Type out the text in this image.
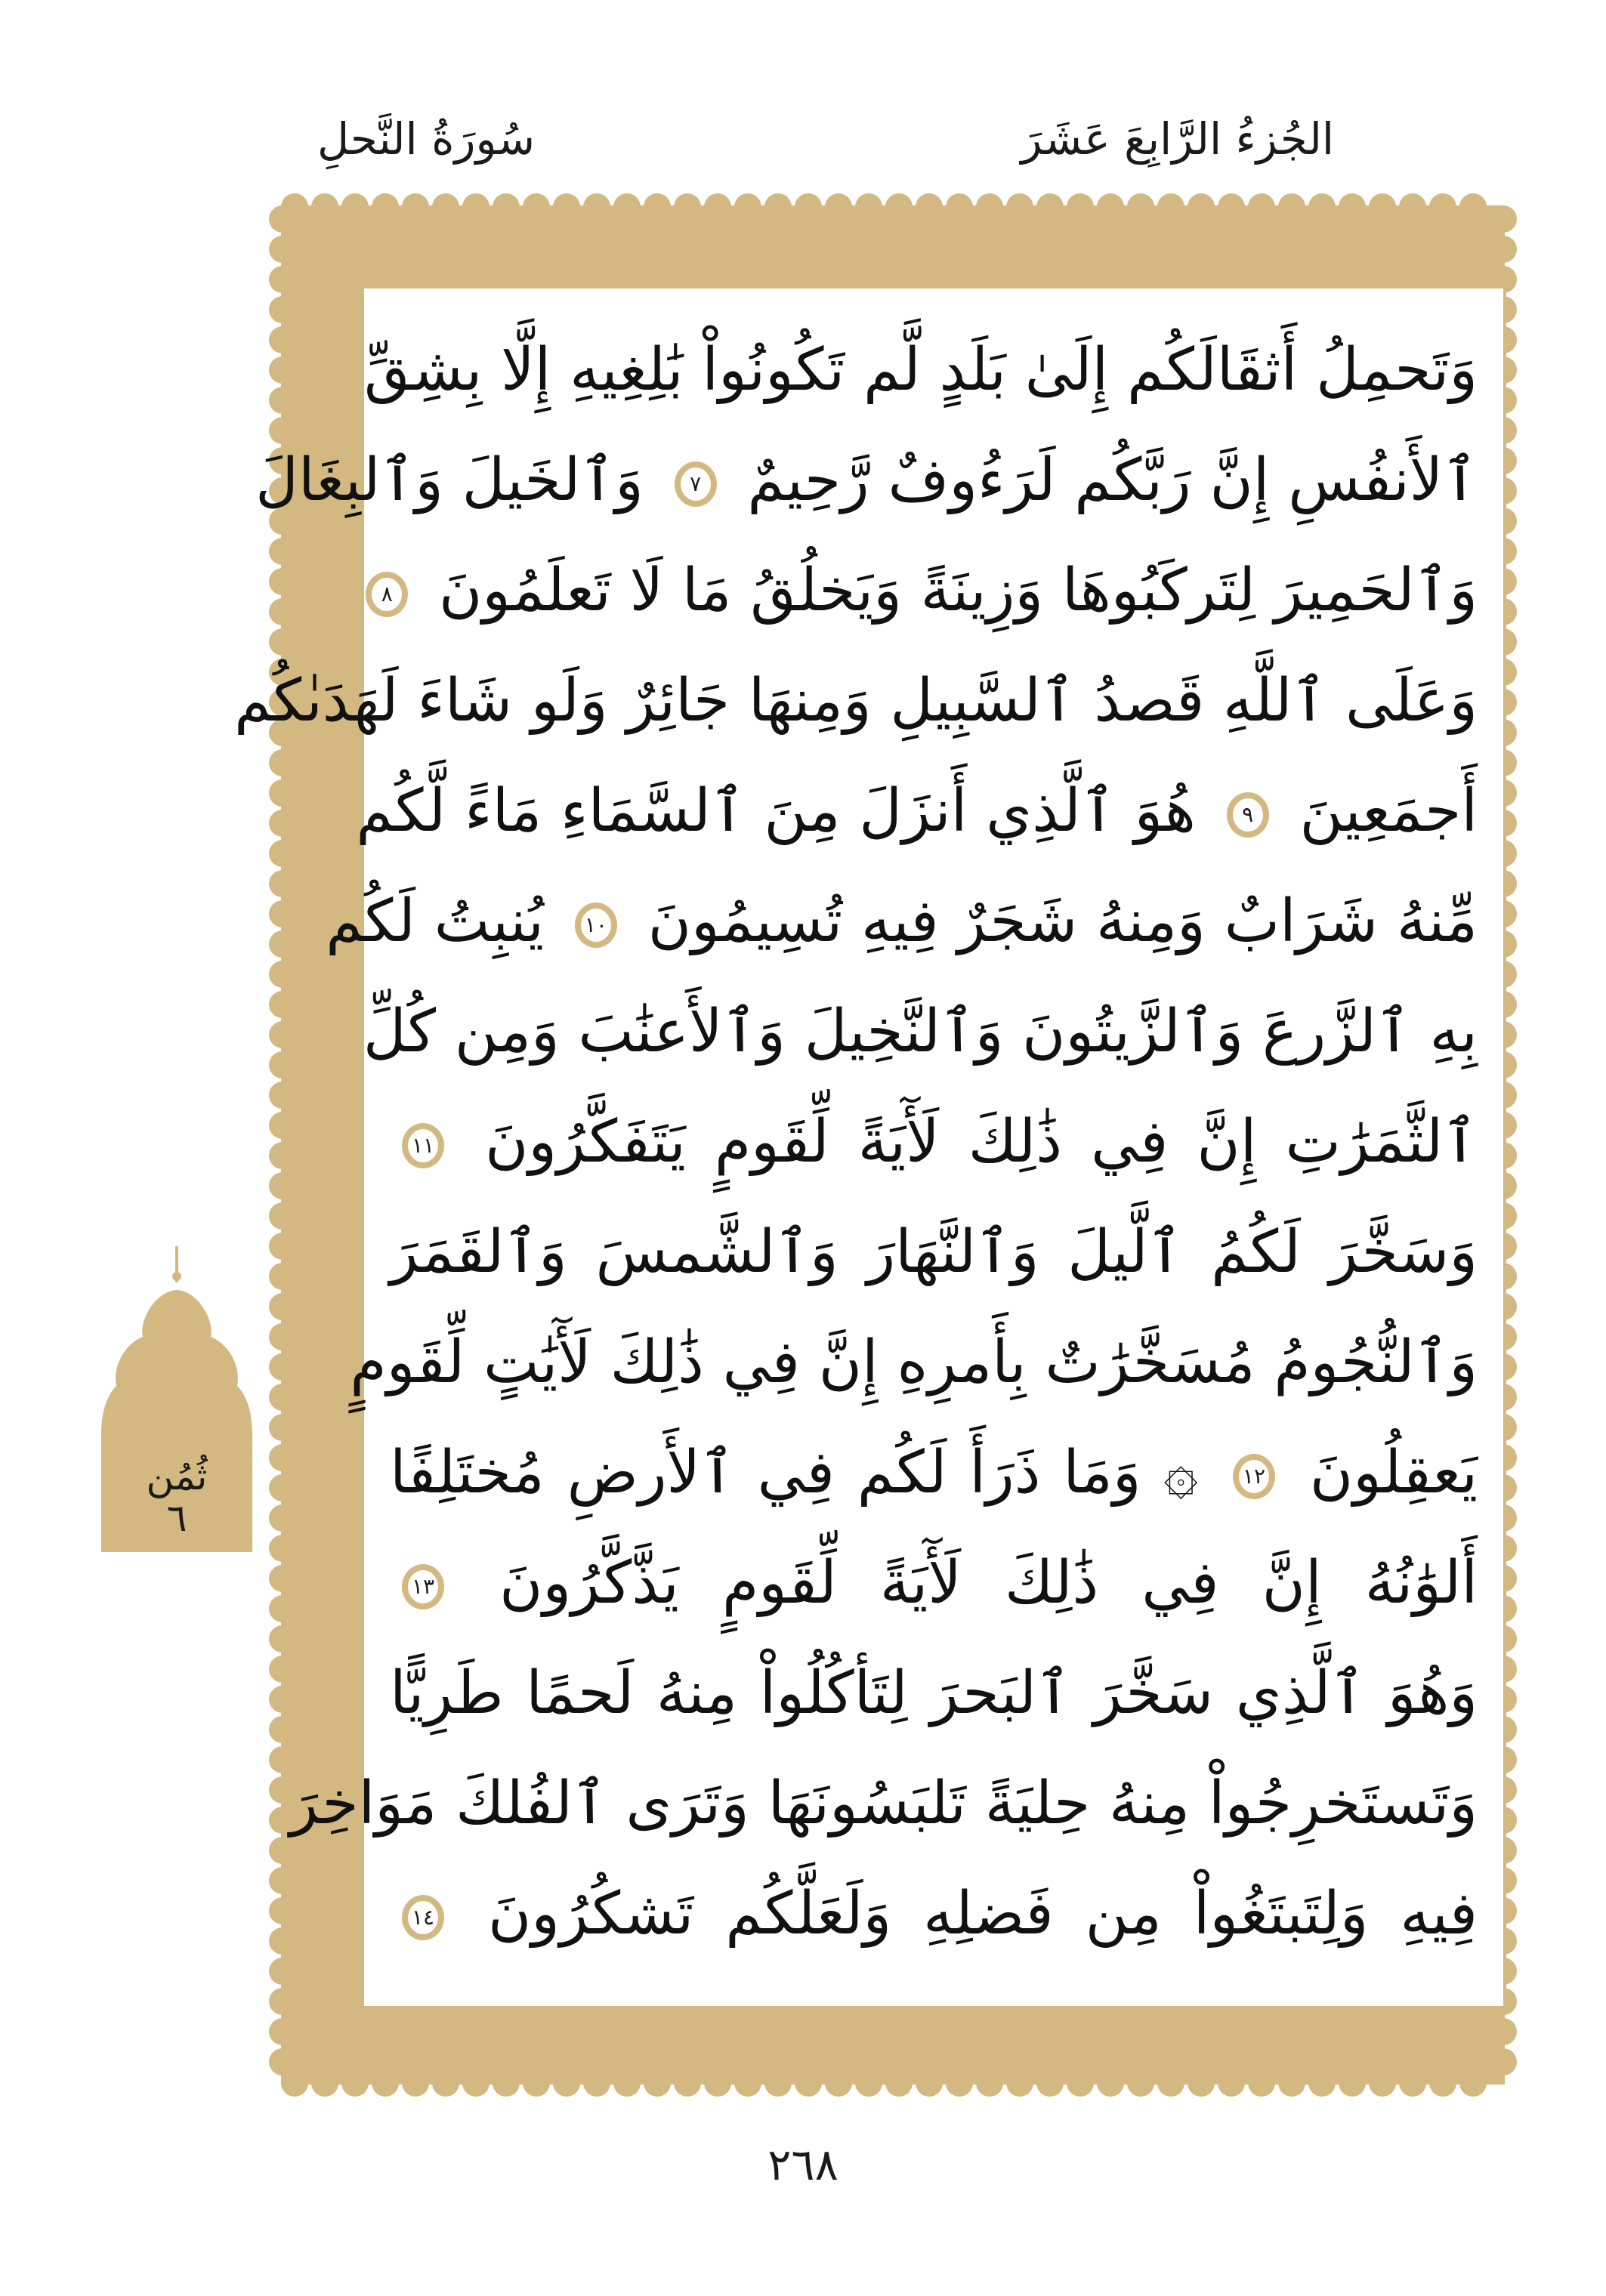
سُورَةُ النَّحلِ	الجُزءُ الرَّابِعَ عَشَرَ
وَتَحمِلُ أَثقَالَكُم إِلَىٰ بَلَدٍ لَّم تَكُونُواْ بَٰلِغِيهِ إِلَّا بِشِقِّ
ٱلأَنفُسِ إِنَّ رَبَّكُم لَرَءُوفٌ رَّحِيمٌ
٧
وَٱلخَيلَ وَٱلبِغَالَ
وَٱلحَمِيرَ لِتَركَبُوهَا وَزِينَةً وَيَخلُقُ مَا لَا تَعلَمُونَ
٨
وَعَلَى ٱللَّهِ قَصدُ ٱلسَّبِيلِ وَمِنهَا جَائِرٌ وَلَو شَاءَ لَهَدَىٰكُم
أَجمَعِينَ
٩
هُوَ ٱلَّذِي أَنزَلَ مِنَ ٱلسَّمَاءِ مَاءً لَّكُم
مِّنهُ شَرَابٌ وَمِنهُ شَجَرٌ فِيهِ تُسِيمُونَ
١٠
يُنبِتُ لَكُم
بِهِ ٱلزَّرعَ وَٱلزَّيتُونَ وَٱلنَّخِيلَ وَٱلأَعنَٰبَ وَمِن كُلِّ
ٱلثَّمَرَٰتِ إِنَّ فِي ذَٰلِكَ لَأٓيَةً لِّقَومٍ يَتَفَكَّرُونَ
١١
وَسَخَّرَ لَكُمُ ٱلَّيلَ وَٱلنَّهَارَ وَٱلشَّمسَ وَٱلقَمَرَ
وَٱلنُّجُومُ مُسَخَّرَٰتٌ بِأَمرِهِ إِنَّ فِي ذَٰلِكَ لَأٓيَٰتٍ لِّقَومٍ
يَعقِلُونَ
١٢
۞ وَمَا ذَرَأَ لَكُم فِي ٱلأَرضِ مُختَلِفًا
أَلوَٰنُهُ إِنَّ فِي ذَٰلِكَ لَأٓيَةً لِّقَومٍ يَذَّكَّرُونَ
١٣
وَهُوَ ٱلَّذِي سَخَّرَ ٱلبَحرَ لِتَأكُلُواْ مِنهُ لَحمًا طَرِيًّا
وَتَستَخرِجُواْ مِنهُ حِليَةً تَلبَسُونَهَا وَتَرَى ٱلفُلكَ مَوَاخِرَ
فِيهِ وَلِتَبتَغُواْ مِن فَضلِهِ وَلَعَلَّكُم تَشكُرُونَ
١٤
ثُمُن
٦
٢٦٨
